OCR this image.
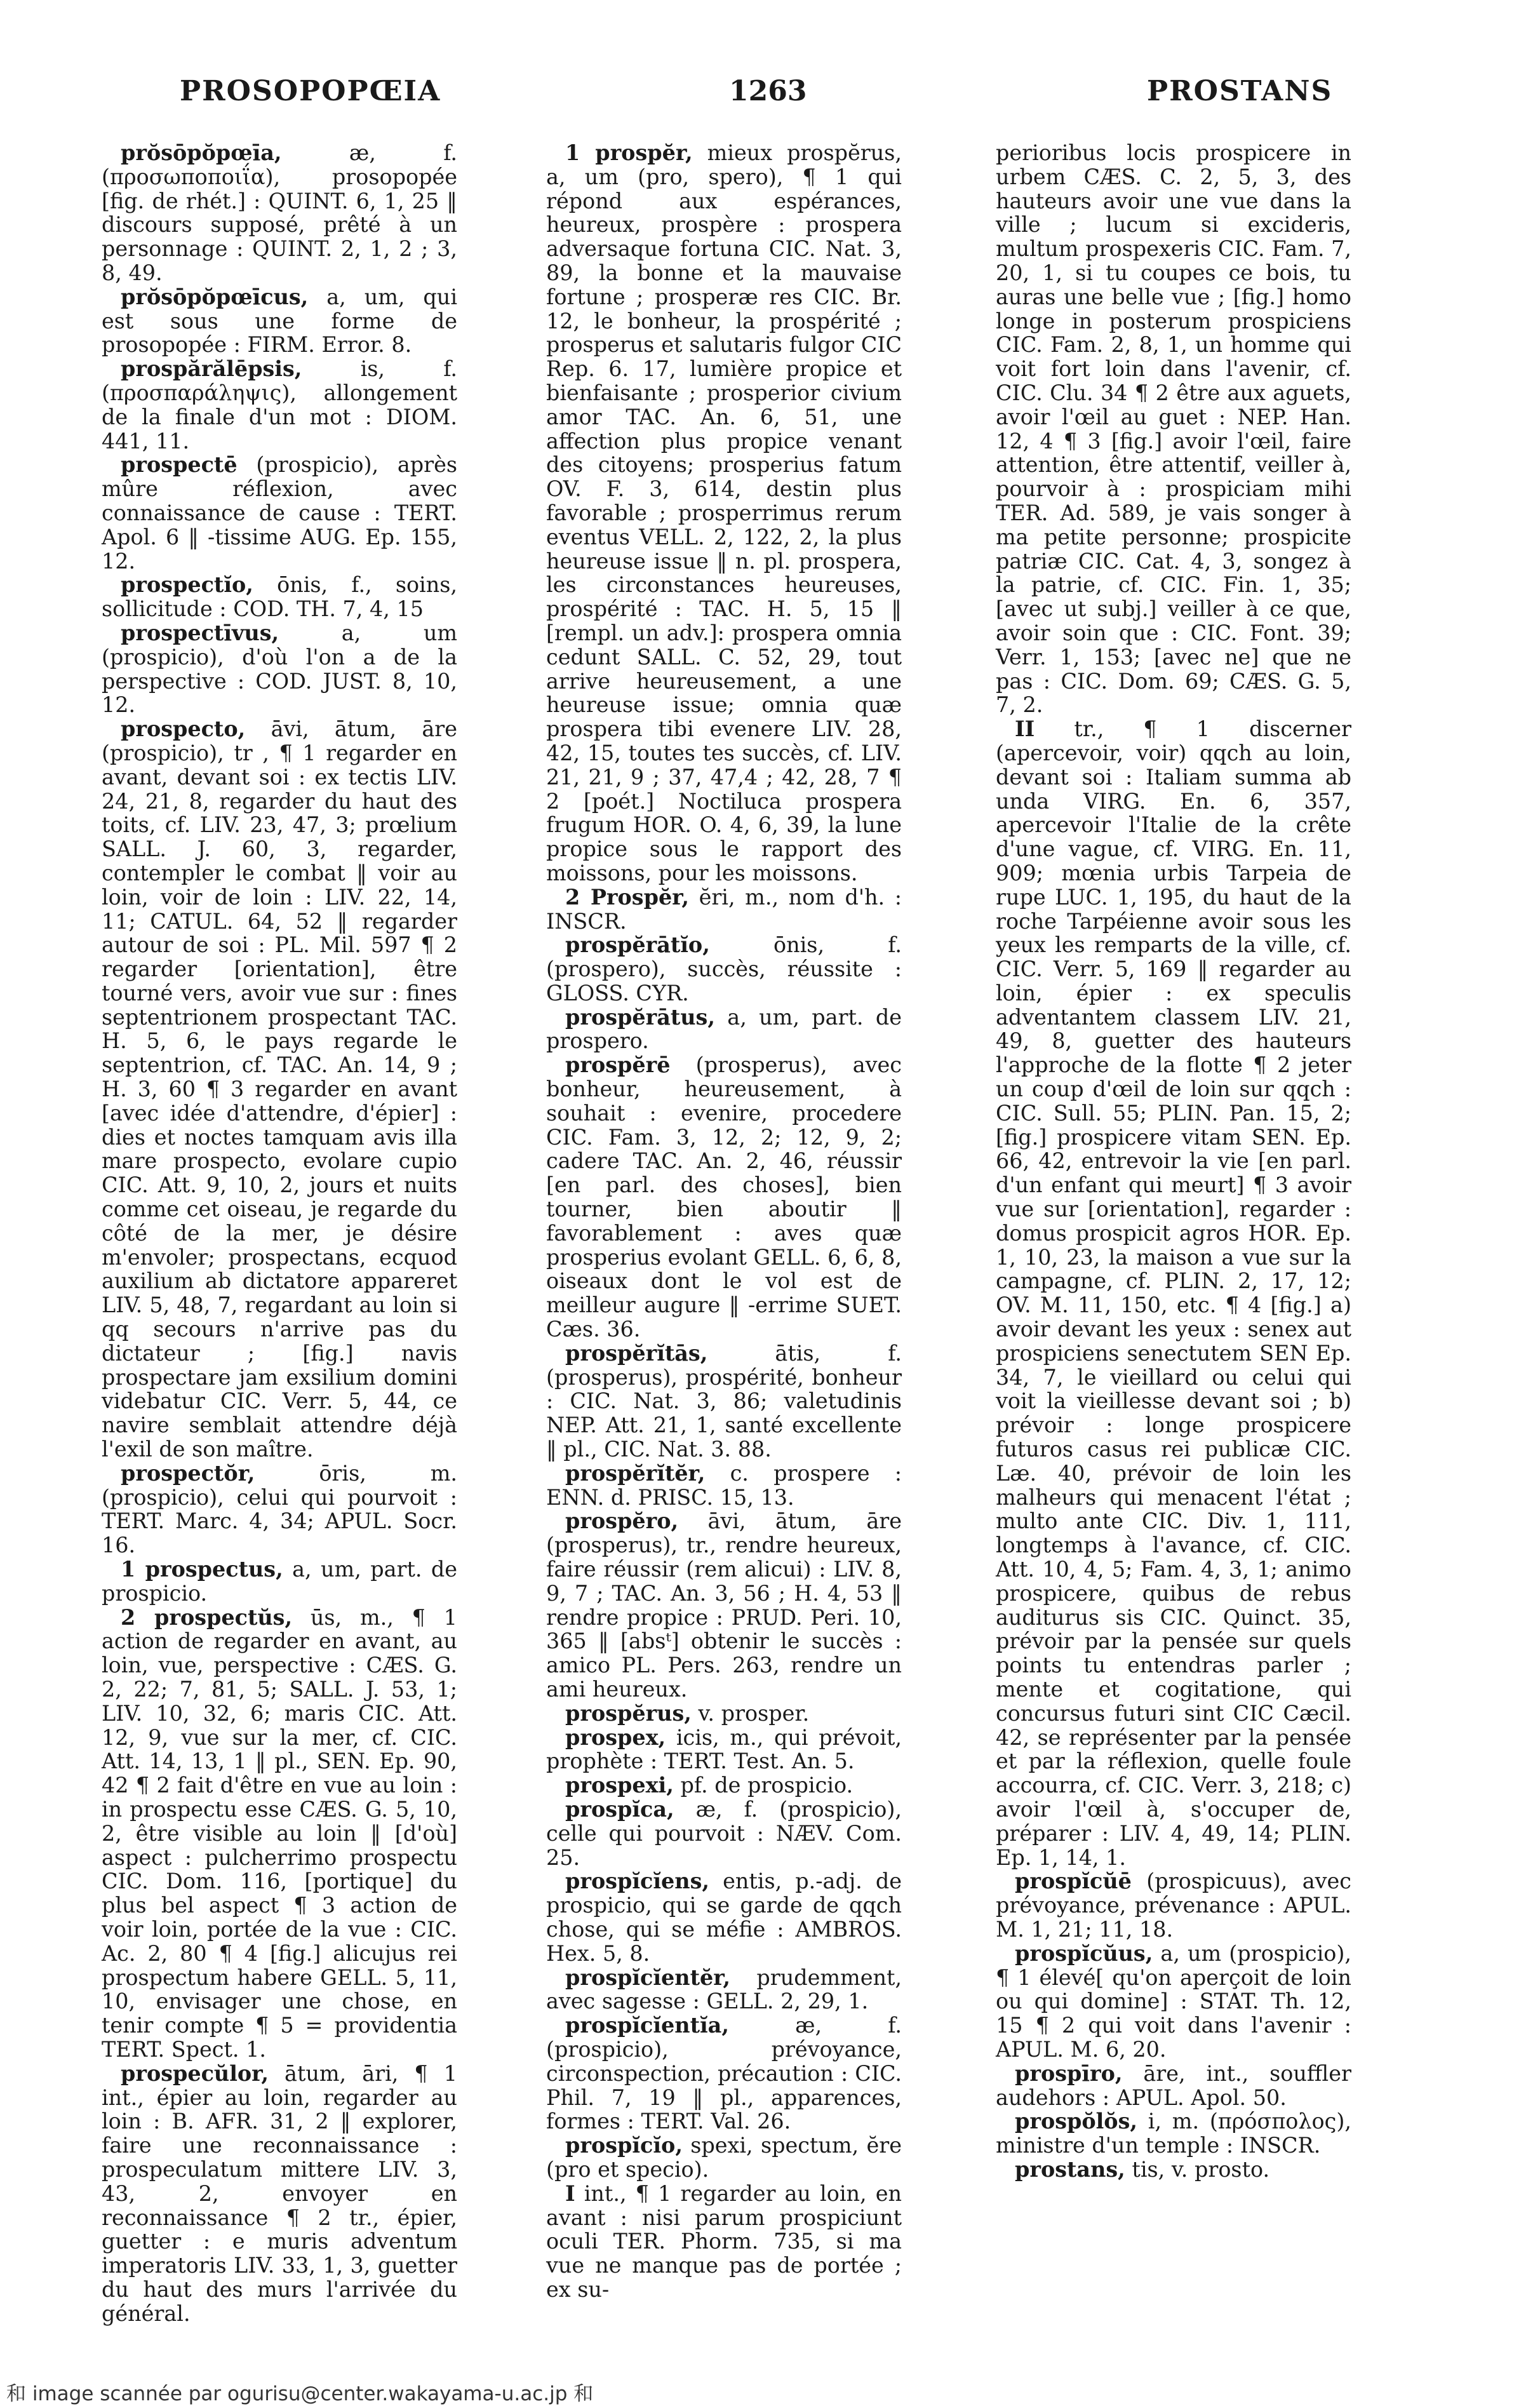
PROSOPOPŒIA	1263	PROSTANS

prŏsōpŏpœīa,	æ, f. (προσωποποιΐα), prosopopée [fig. de rhét.] : QUINT. 6, 1, 25 ‖ discours supposé, prêté à un personnage : QUINT. 2, 1, 2 ; 3, 8, 49.

prŏsōpŏpœīcus, a, um, qui est sous une forme de prosopopée : FIRM. Error. 8.

prospărălēpsis,	is, f. (προσπαράληψις), allongement de la finale d'un mot : DIOM. 441, 11.

prospectē (prospicio), après mûre réflexion, avec connaissance de cause : TERT. Apol. 6 ‖ -tissime AUG. Ep. 155, 12.

prospectĭo, ōnis, f., soins, sollicitude : COD. TH. 7, 4, 15

prospectīvus,	a, um (prospicio), d'où l'on a de la perspective : COD. JUST. 8, 10, 12.

prospecto, āvi, ātum, āre (prospicio), tr , ¶ 1 regarder en avant, devant soi : ex tectis LIV. 24, 21, 8, regarder du haut des toits, cf. LIV. 23, 47, 3; prœlium SALL. J. 60, 3, regarder, contempler le combat ‖ voir au loin, voir de loin : LIV. 22, 14, 11; CATUL. 64, 52 ‖ regarder autour de soi : PL. Mil. 597 ¶ 2 regarder [orientation], être tourné vers, avoir vue sur : fines septentrionem prospectant TAC. H. 5, 6, le pays regarde le septentrion, cf. TAC. An. 14, 9 ; H. 3, 60 ¶ 3 regarder en avant [avec idée d'attendre, d'épier] : dies et noctes tamquam avis illa mare prospecto, evolare cupio CIC. Att. 9, 10, 2, jours et nuits comme cet oiseau, je regarde du côté de la mer, je désire m'envoler; prospectans, ecquod auxilium ab dictatore appareret LIV. 5, 48, 7, regardant au loin si qq secours n'arrive pas du dictateur ; [fig.] navis prospectare jam exsilium domini videbatur CIC. Verr. 5, 44, ce navire semblait attendre déjà l'exil de son maître.

prospectŏr,	ōris, m. (prospicio), celui qui pourvoit : TERT. Marc. 4, 34; APUL. Socr. 16.

1 prospectus, a, um, part. de prospicio.

2 prospectŭs, ūs, m., ¶ 1 action de regarder en avant, au loin, vue, perspective : CÆS. G. 2, 22; 7, 81, 5; SALL. J. 53, 1; LIV. 10, 32, 6; maris CIC. Att. 12, 9, vue sur la mer, cf. CIC. Att. 14, 13, 1 ‖ pl., SEN. Ep. 90, 42 ¶ 2 fait d'être en vue au loin : in prospectu esse CÆS. G. 5, 10, 2, être visible au loin ‖ [d'où] aspect : pulcherrimo prospectu CIC. Dom. 116, [portique] du plus bel aspect ¶ 3 action de voir loin, portée de la vue : CIC. Ac. 2, 80 ¶ 4 [fig.] alicujus rei prospectum habere GELL. 5, 11, 10, envisager une chose, en tenir compte ¶ 5 = providentia TERT. Spect. 1.

prospecŭlor, ātum, āri, ¶ 1 int., épier au loin, regarder au loin : B. AFR. 31, 2 ‖ explorer, faire une reconnaissance : prospeculatum mittere LIV. 3, 43, 2, envoyer en reconnaissance ¶ 2 tr., épier, guetter : e muris adventum imperatoris LIV. 33, 1, 3, guetter du haut des murs l'arrivée du général.

1 prospĕr, mieux prospĕrus, a, um (pro, spero), ¶ 1 qui répond aux espérances, heureux, prospère : prospera adversaque fortuna CIC. Nat. 3, 89, la bonne et la mauvaise fortune ; prosperæ res CIC. Br. 12, le bonheur, la prospérité ; prosperus et salutaris fulgor CIC Rep. 6. 17, lumière propice et bienfaisante ; prosperior civium amor TAC. An. 6, 51, une affection plus propice venant des citoyens; prosperius fatum OV. F. 3, 614, destin plus favorable ; prosperrimus rerum eventus VELL. 2, 122, 2, la plus heureuse issue ‖ n. pl. prospera, les circonstances heureuses, prospérité : TAC. H. 5, 15 ‖ [rempl. un adv.]: prospera omnia cedunt SALL. C. 52, 29, tout arrive heureusement, a une heureuse issue; omnia quæ prospera tibi evenere LIV. 28, 42, 15, toutes tes succès, cf. LIV. 21, 21, 9 ; 37, 47,4 ; 42, 28, 7 ¶ 2 [poét.] Noctiluca prospera frugum HOR. O. 4, 6, 39, la lune propice sous le rapport des moissons, pour les moissons.

2 Prospĕr, ĕri, m., nom d'h. : INSCR.

prospĕrātĭo,	ōnis, f. (prospero), succès, réussite : GLOSS. CYR.

prospĕrātus, a, um, part. de prospero.

prospĕrē (prosperus), avec bonheur, heureusement, à souhait : evenire, procedere CIC. Fam. 3, 12, 2; 12, 9, 2; cadere TAC. An. 2, 46, réussir [en parl. des choses], bien tourner, bien aboutir ‖ favorablement : aves quæ prosperius evolant GELL. 6, 6, 8, oiseaux dont le vol est de meilleur augure ‖ -errime SUET. Cæs. 36.

prospĕrĭtās,	ātis, f. (prosperus), prospérité, bonheur : CIC. Nat. 3, 86; valetudinis NEP. Att. 21, 1, santé excellente ‖ pl., CIC. Nat. 3. 88.

prospĕrĭtĕr, c. prospere : ENN. d. PRISC. 15, 13.

prospĕro, āvi, ātum, āre (prosperus), tr., rendre heureux, faire réussir (rem alicui) : LIV. 8, 9, 7 ; TAC. An. 3, 56 ; H. 4, 53 ‖ rendre propice : PRUD. Peri. 10, 365 ‖ [absᵗ] obtenir le succès : amico PL. Pers. 263, rendre un ami heureux.

prospĕrus, v. prosper.

prospex, icis, m., qui prévoit, prophète : TERT. Test. An. 5.

prospexi, pf. de prospicio.

prospĭca, æ, f. (prospicio), celle qui pourvoit : NÆV. Com. 25.

prospĭcĭens, entis, p.-adj. de prospicio, qui se garde de qqch chose, qui se méfie : AMBROS. Hex. 5, 8.

prospĭcĭentĕr, prudemment, avec sagesse : GELL. 2, 29, 1.

prospĭcĭentĭa,	æ, f. (prospicio), prévoyance, circonspection, précaution : CIC. Phil. 7, 19 ‖ pl., apparences, formes : TERT. Val. 26.

prospĭcĭo, spexi, spectum, ĕre (pro et specio).

I int., ¶ 1 regarder au loin, en avant : nisi parum prospiciunt oculi TER. Phorm. 735, si ma vue ne manque pas de portée ; ex su-

perioribus locis prospicere in urbem CÆS. C. 2, 5, 3, des hauteurs avoir une vue dans la ville ; lucum si excideris, multum prospexeris CIC. Fam. 7, 20, 1, si tu coupes ce bois, tu auras une belle vue ; [fig.] homo longe in posterum prospiciens CIC. Fam. 2, 8, 1, un homme qui voit fort loin dans l'avenir, cf. CIC. Clu. 34 ¶ 2 être aux aguets, avoir l'œil au guet : NEP. Han. 12, 4 ¶ 3 [fig.] avoir l'œil, faire attention, être attentif, veiller à, pourvoir à : prospiciam mihi TER. Ad. 589, je vais songer à ma petite personne; prospicite patriæ CIC. Cat. 4, 3, songez à la patrie, cf. CIC. Fin. 1, 35; [avec ut subj.] veiller à ce que, avoir soin que : CIC. Font. 39; Verr. 1, 153; [avec ne] que ne pas : CIC. Dom. 69; CÆS. G. 5, 7, 2.

II tr., ¶ 1 discerner (apercevoir, voir) qqch au loin, devant soi : Italiam summa ab unda VIRG. En. 6, 357, apercevoir l'Italie de la crête d'une vague, cf. VIRG. En. 11, 909; mœnia urbis Tarpeia de rupe LUC. 1, 195, du haut de la roche Tarpéienne avoir sous les yeux les remparts de la ville, cf. CIC. Verr. 5, 169 ‖ regarder au loin, épier : ex speculis adventantem classem LIV. 21, 49, 8, guetter des hauteurs l'approche de la flotte ¶ 2 jeter un coup d'œil de loin sur qqch : CIC. Sull. 55; PLIN. Pan. 15, 2; [fig.] prospicere vitam SEN. Ep. 66, 42, entrevoir la vie [en parl. d'un enfant qui meurt] ¶ 3 avoir vue sur [orientation], regarder : domus prospicit agros HOR. Ep. 1, 10, 23, la maison a vue sur la campagne, cf. PLIN. 2, 17, 12; OV. M. 11, 150, etc. ¶ 4 [fig.] a) avoir devant les yeux : senex aut prospiciens senectutem SEN Ep. 34, 7, le vieillard ou celui qui voit la vieillesse devant soi ; b) prévoir : longe prospicere futuros casus rei publicæ CIC. Læ. 40, prévoir de loin les malheurs qui menacent l'état ; multo ante CIC. Div. 1, 111, longtemps à l'avance, cf. CIC. Att. 10, 4, 5; Fam. 4, 3, 1; animo prospicere, quibus de rebus auditurus sis CIC. Quinct. 35, prévoir par la pensée sur quels points tu entendras parler ; mente et cogitatione, qui concursus futuri sint CIC Cæcil. 42, se représenter par la pensée et par la réflexion, quelle foule accourra, cf. CIC. Verr. 3, 218; c) avoir l'œil à, s'occuper de, préparer : LIV. 4, 49, 14; PLIN. Ep. 1, 14, 1.

prospĭcŭē (prospicuus), avec prévoyance, prévenance : APUL. M. 1, 21; 11, 18.

prospĭcŭus, a, um (prospicio), ¶ 1 élevé[ qu'on aperçoit de loin ou qui domine] : STAT. Th. 12, 15 ¶ 2 qui voit dans l'avenir : APUL. M. 6, 20.

prospīro, āre, int., souffler audehors : APUL. Apol. 50.

prospŏlŏs, i, m. (πρόσπολος), ministre d'un temple : INSCR.

prostans, tis, v. prosto.

和 image scannée par ogurisu@center.wakayama-u.ac.jp 和
